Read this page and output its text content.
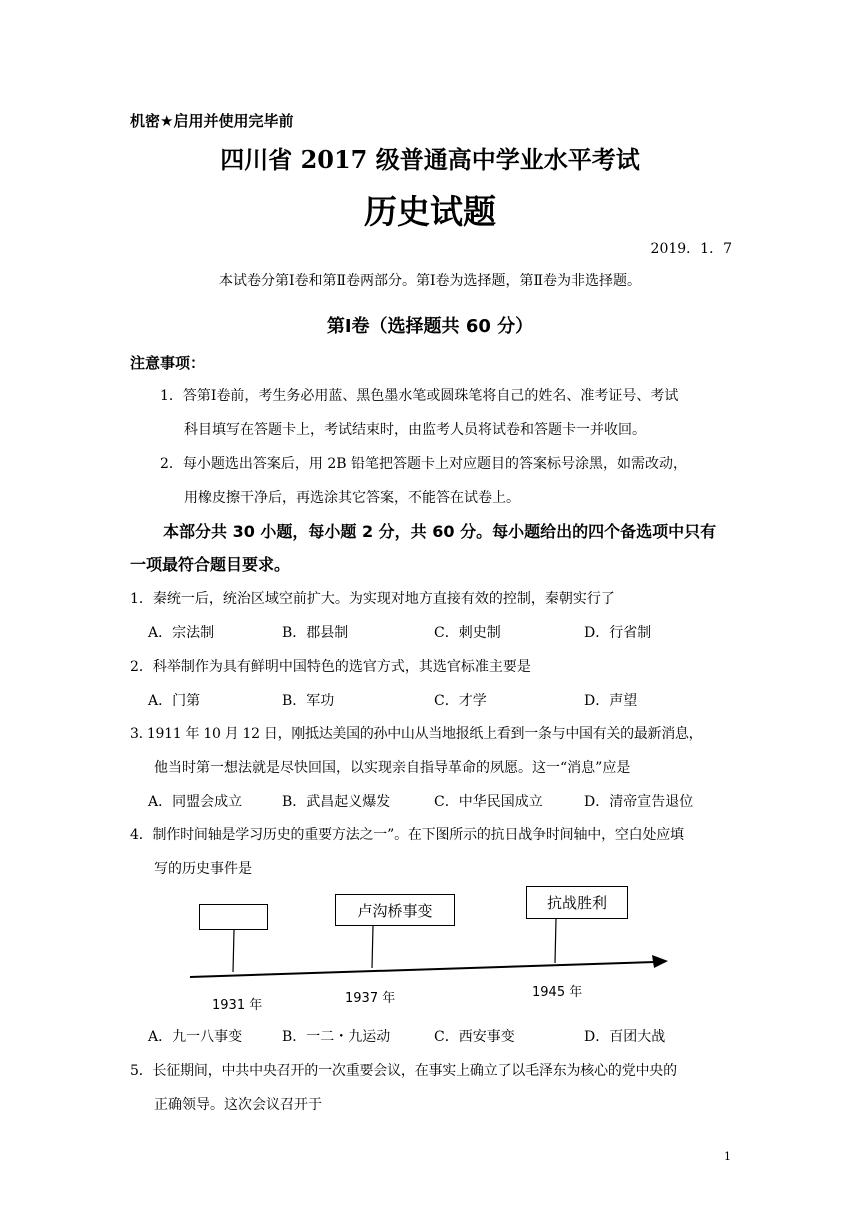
机密★启用并使用完毕前
四川省 2017 级普通高中学业水平考试
历史试题
2019．1．7
本试卷分第Ⅰ卷和第Ⅱ卷两部分。第Ⅰ卷为选择题，第Ⅱ卷为非选择题。
第Ⅰ卷（选择题共 60 分）
注意事项：
1．答第Ⅰ卷前，考生务必用蓝、黑色墨水笔或圆珠笔将自己的姓名、准考证号、考试
科目填写在答题卡上，考试结束时，由监考人员将试卷和答题卡一并收回。
2．每小题选出答案后，用 2B 铅笔把答题卡上对应题目的答案标号涂黑，如需改动，
用橡皮擦干净后，再选涂其它答案，不能答在试卷上。
本部分共 30 小题，每小题 2 分，共 60 分。每小题给出的四个备选项中只有
一项最符合题目要求。
1．秦统一后，统治区域空前扩大。为实现对地方直接有效的控制，秦朝实行了
A．宗法制	B．郡县制	C．刺史制	D．行省制
2．科举制作为具有鲜明中国特色的选官方式，其选官标准主要是
A．门第	B．军功	C．才学	D．声望
3. 1911 年 10 月 12 日，刚抵达美国的孙中山从当地报纸上看到一条与中国有关的最新消息，
他当时第一想法就是尽快回国，以实现亲自指导革命的夙愿。这一“消息”应是
A．同盟会成立	B．武昌起义爆发	C．中华民国成立	D．清帝宣告退位
4．制作时间轴是学习历史的重要方法之一”。在下图所示的抗日战争时间轴中，空白处应填
写的历史事件是
卢沟桥事变	抗战胜利
1931 年	1937 年	1945 年
A．九一八事变	B．一二・九运动	C．西安事变	D．百团大战
5．长征期间，中共中央召开的一次重要会议，在事实上确立了以毛泽东为核心的党中央的
正确领导。这次会议召开于
1
